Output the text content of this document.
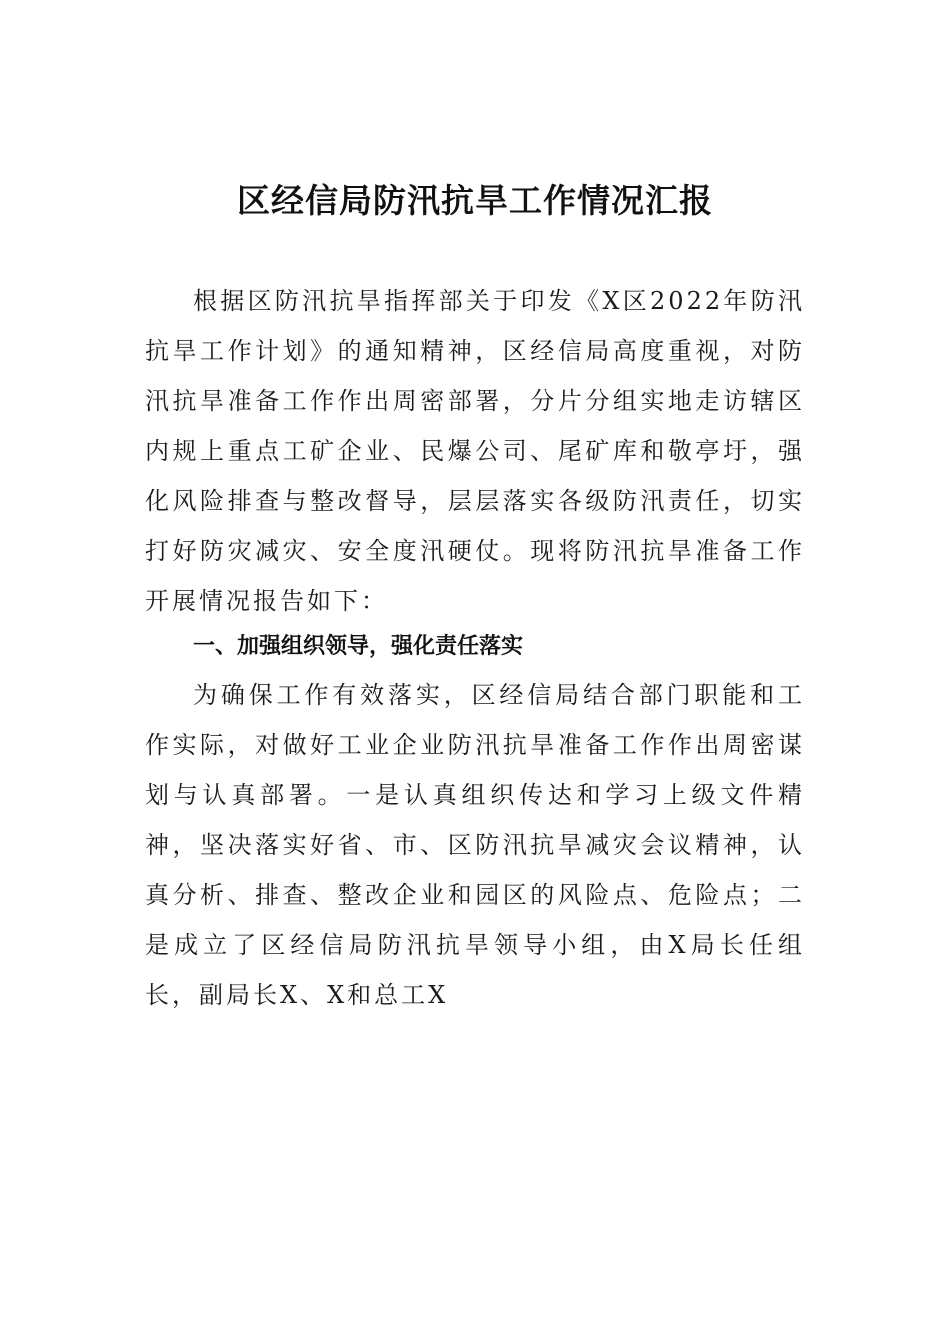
区经信局防汛抗旱工作情况汇报

根据区防汛抗旱指挥部关于印发《X区2022年防汛抗旱工作计划》的通知精神，区经信局高度重视，对防汛抗旱准备工作作出周密部署，分片分组实地走访辖区内规上重点工矿企业、民爆公司、尾矿库和敬亭圩，强化风险排查与整改督导，层层落实各级防汛责任，切实打好防灾减灾、安全度汛硬仗。现将防汛抗旱准备工作开展情况报告如下：

一、加强组织领导，强化责任落实

为确保工作有效落实，区经信局结合部门职能和工作实际，对做好工业企业防汛抗旱准备工作作出周密谋划与认真部署。一是认真组织传达和学习上级文件精神，坚决落实好省、市、区防汛抗旱减灾会议精神，认真分析、排查、整改企业和园区的风险点、危险点；二是成立了区经信局防汛抗旱领导小组，由X局长任组长，副局长X、X和总工X
